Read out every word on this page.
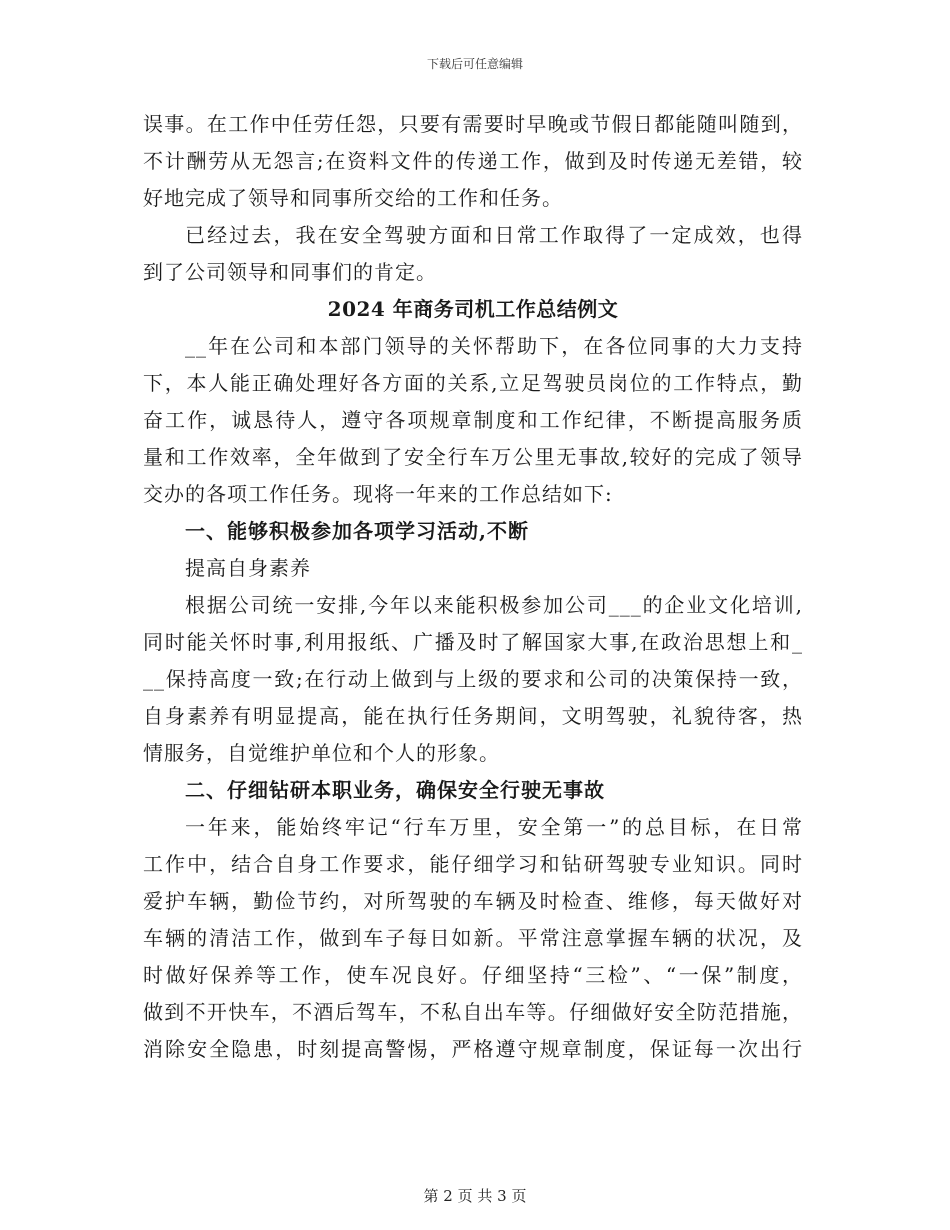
下载后可任意编辑
误事。在工作中任劳任怨，只要有需要时早晚或节假日都能随叫随到，
不计酬劳从无怨言;在资料文件的传递工作，做到及时传递无差错，较
好地完成了领导和同事所交给的工作和任务。
已经过去，我在安全驾驶方面和日常工作取得了一定成效，也得
到了公司领导和同事们的肯定。
2024 年商务司机工作总结例文
__年在公司和本部门领导的关怀帮助下，在各位同事的大力支持
下，本人能正确处理好各方面的关系,立足驾驶员岗位的工作特点，勤
奋工作，诚恳待人，遵守各项规章制度和工作纪律，不断提高服务质
量和工作效率，全年做到了安全行车万公里无事故,较好的完成了领导
交办的各项工作任务。现将一年来的工作总结如下:
一、能够积极参加各项学习活动,不断
提高自身素养
根据公司统一安排,今年以来能积极参加公司___的企业文化培训,
同时能关怀时事,利用报纸、广播及时了解国家大事,在政治思想上和_
__保持高度一致;在行动上做到与上级的要求和公司的决策保持一致，
自身素养有明显提高，能在执行任务期间，文明驾驶，礼貌待客，热
情服务，自觉维护单位和个人的形象。
二、仔细钻研本职业务，确保安全行驶无事故
一年来，能始终牢记“行车万里，安全第一”的总目标，在日常
工作中，结合自身工作要求，能仔细学习和钻研驾驶专业知识。同时
爱护车辆，勤俭节约，对所驾驶的车辆及时检查、维修，每天做好对
车辆的清洁工作，做到车子每日如新。平常注意掌握车辆的状况，及
时做好保养等工作，使车况良好。仔细坚持“三检”、“一保”制度，
做到不开快车，不酒后驾车，不私自出车等。仔细做好安全防范措施，
消除安全隐患，时刻提高警惕，严格遵守规章制度，保证每一次出行
第 2 页 共 3 页
